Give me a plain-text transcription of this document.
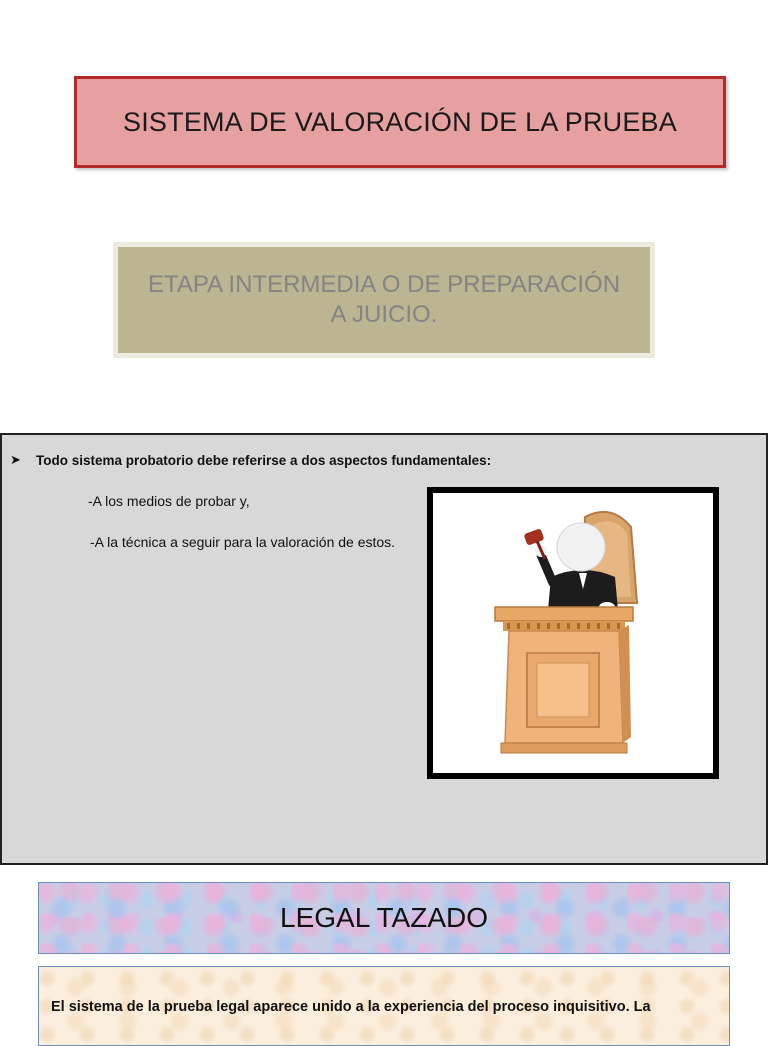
SISTEMA DE VALORACIÓN DE LA PRUEBA
ETAPA INTERMEDIA O DE PREPARACIÓN
A JUICIO.
➤	Todo sistema probatorio debe referirse a dos aspectos fundamentales:
-A los medios de probar y,
-A la técnica a seguir para la valoración de estos.
LEGAL TAZADO
El sistema de la prueba legal aparece unido a la experiencia del proceso inquisitivo. La
